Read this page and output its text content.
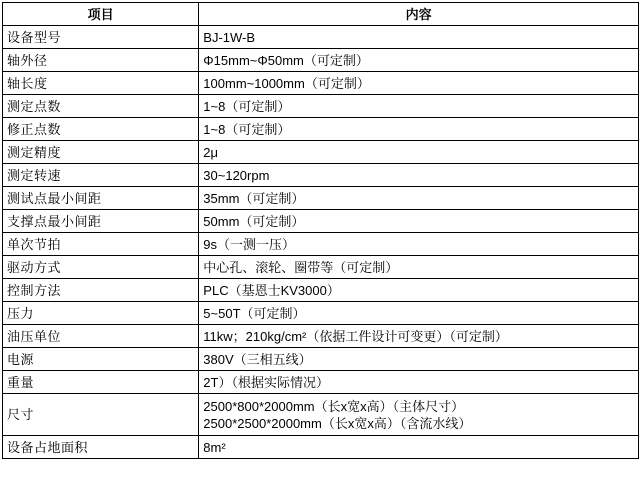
项目	内容
设备型号	BJ-1W-B
轴外径	Φ15mm~Φ50mm（可定制）
轴长度	100mm~1000mm（可定制）
测定点数	1~8（可定制）
修正点数	1~8（可定制）
测定精度	2μ
测定转速	30~120rpm
测试点最小间距	35mm（可定制）
支撑点最小间距	50mm（可定制）
单次节拍	9s（一测一压）
驱动方式	中心孔、滚轮、圈带等（可定制）
控制方法	PLC（基恩士KV3000）
压力	5~50T（可定制）
油压单位	11kw；210kg/cm²（依据工件设计可变更）（可定制）
电源	380V（三相五线）
重量	2T）（根据实际情况）
尺寸	2500*800*2000mm（长x宽x高）（主体尺寸）
2500*2500*2000mm（长x宽x高）（含流水线）

设备占地面积	8m²
